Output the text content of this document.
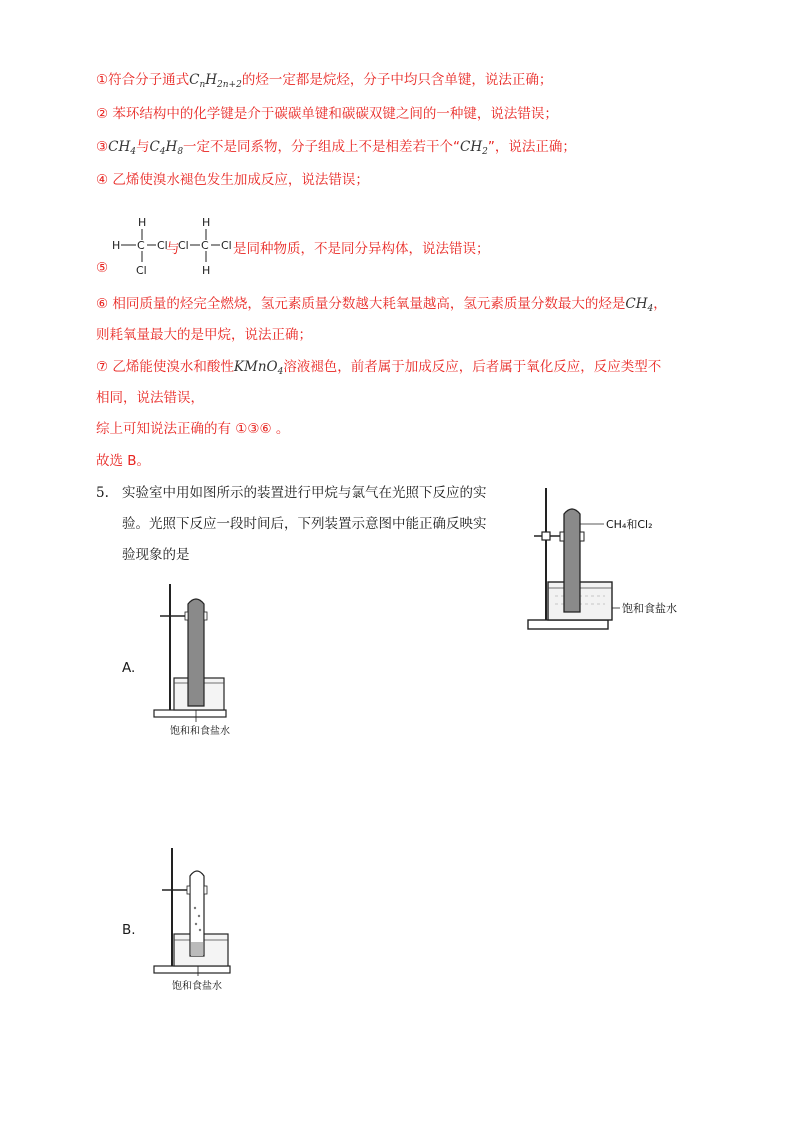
①符合分子通式$C_nH_{2n+2}$的烃一定都是烷烃，分子中均只含单键，说法正确；
② 苯环结构中的化学键是介于碳碳单键和碳碳双键之间的一种键，说法错误；
$③CH_4$与$C_4H_8$一定不是同系物，分子组成上不是相差若干个“$CH_2$”，说法正确；
④ 乙烯使溴水褪色发生加成反应，说法错误；
H
H C Cl
Cl
与
H
Cl C Cl
H
是同种物质，不是同分异构体，说法错误；
⑤
⑥ 相同质量的烃完全燃烧，氢元素质量分数越大耗氧量越高，氢元素质量分数最大的烃是$CH_4$，
则耗氧量最大的是甲烷，说法正确；
⑦ 乙烯能使溴水和酸性KMnO$_4$溶液褪色，前者属于加成反应，后者属于氧化反应，反应类型不
相同，说法错误，
综上可知说法正确的有 ①③⑥ 。
故选 B。
5. 实验室中用如图所示的装置进行甲烷与氯气在光照下反应的实
验。光照下反应一段时间后，下列装置示意图中能正确反映实
验现象的是
CH₄和Cl₂
饱和食盐水
A.
饱和和食盐水
B.
饱和食盐水
